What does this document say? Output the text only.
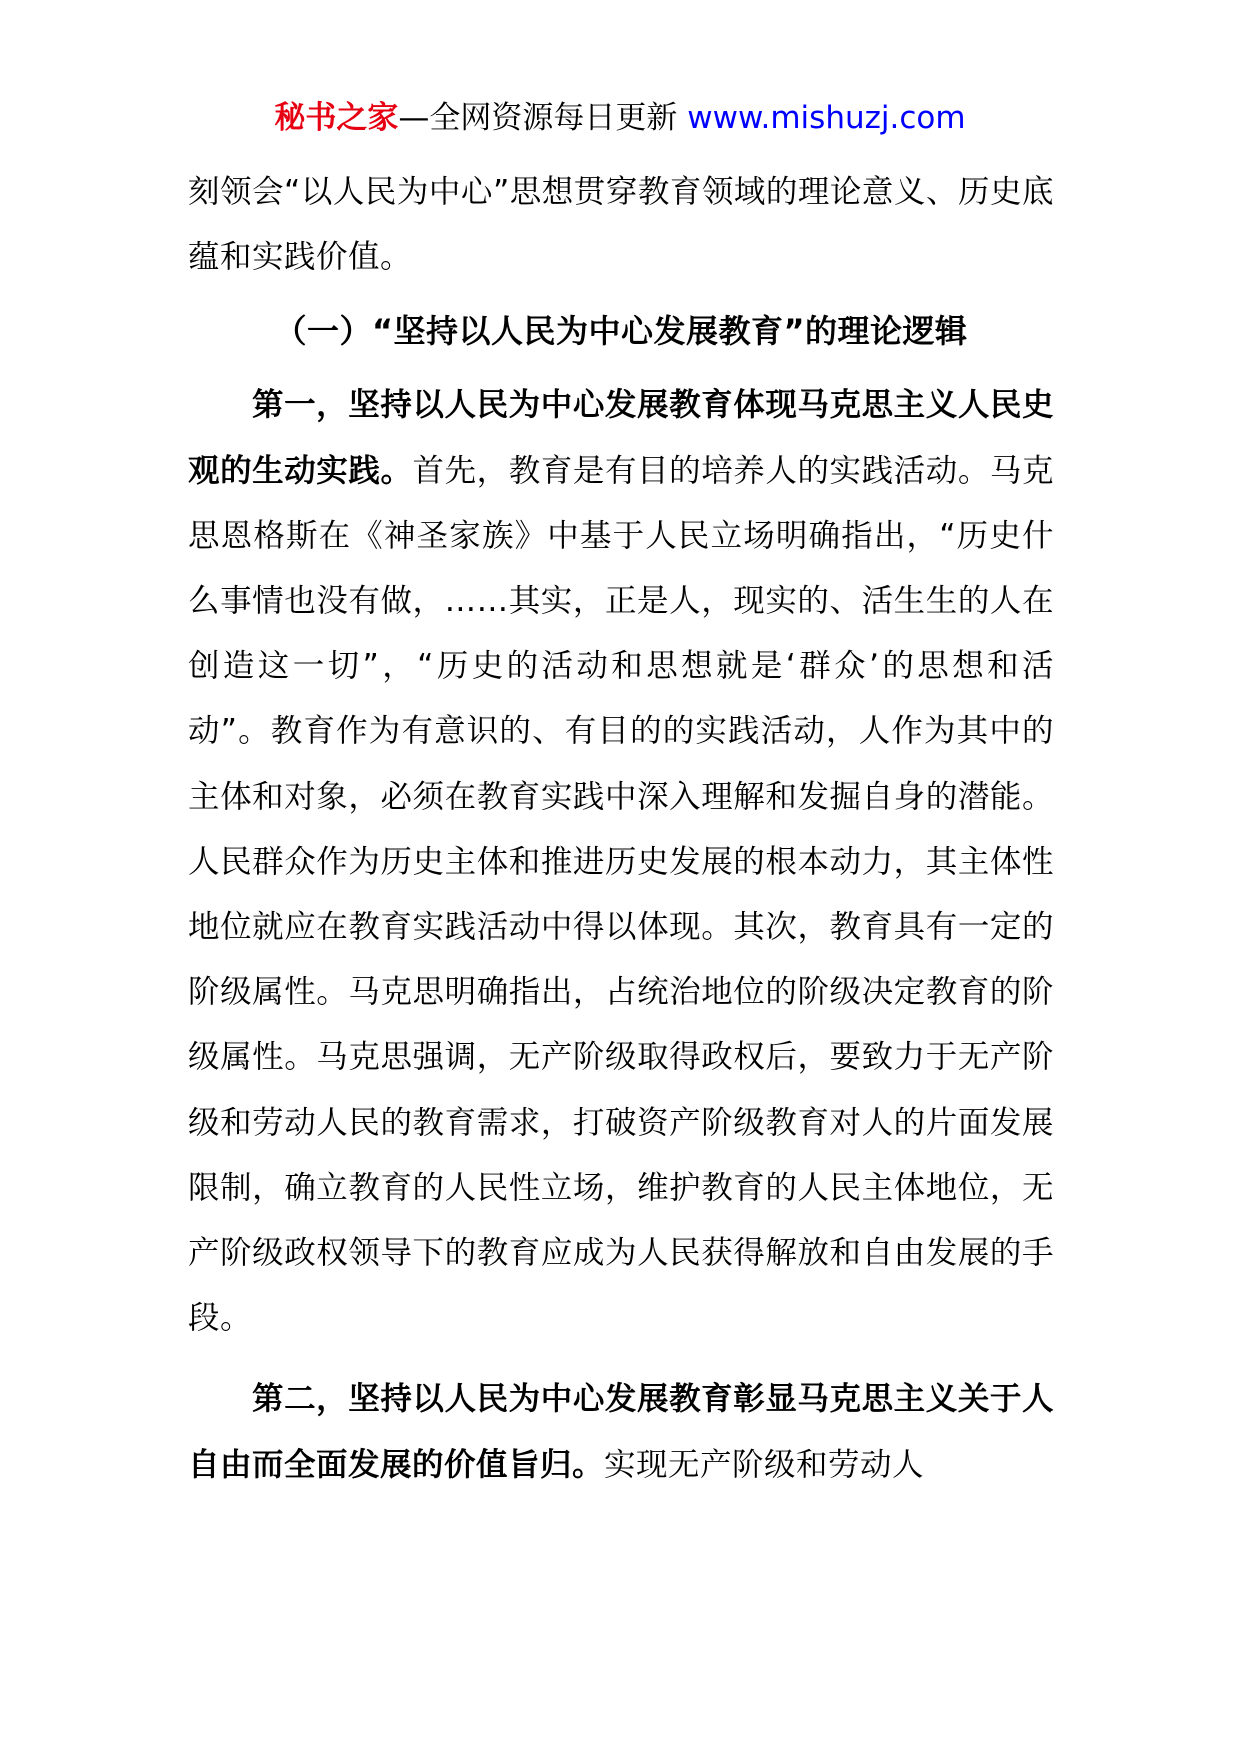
秘书之家—全网资源每日更新 www.mishuzj.com

刻领会“以人民为中心”思想贯穿教育领域的理论意义、历史底蕴和实践价值。

（一）“坚持以人民为中心发展教育”的理论逻辑

第一，坚持以人民为中心发展教育体现马克思主义人民史观的生动实践。首先，教育是有目的培养人的实践活动。马克思恩格斯在《神圣家族》中基于人民立场明确指出，“历史什么事情也没有做，……其实，正是人，现实的、活生生的人在创造这一切”，“历史的活动和思想就是‘群众’的思想和活动”。教育作为有意识的、有目的的实践活动，人作为其中的主体和对象，必须在教育实践中深入理解和发掘自身的潜能。人民群众作为历史主体和推进历史发展的根本动力，其主体性地位就应在教育实践活动中得以体现。其次，教育具有一定的阶级属性。马克思明确指出，占统治地位的阶级决定教育的阶级属性。马克思强调，无产阶级取得政权后，要致力于无产阶级和劳动人民的教育需求，打破资产阶级教育对人的片面发展限制，确立教育的人民性立场，维护教育的人民主体地位，无产阶级政权领导下的教育应成为人民获得解放和自由发展的手段。

第二，坚持以人民为中心发展教育彰显马克思主义关于人自由而全面发展的价值旨归。实现无产阶级和劳动人
